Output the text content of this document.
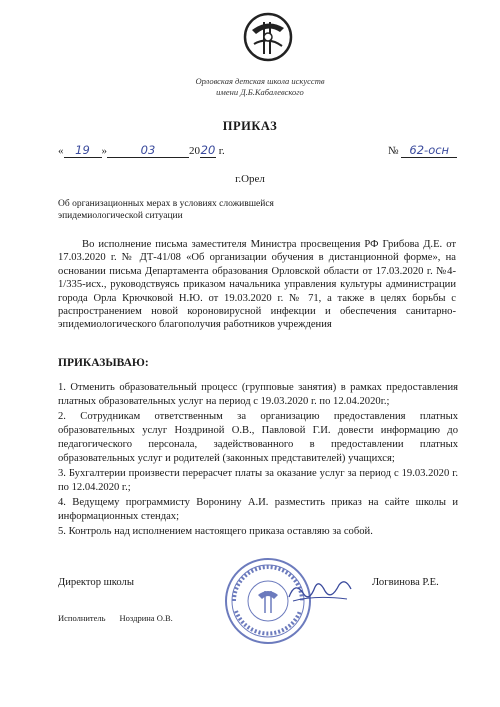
Орловская детская школа искусств
имени Д.Б.Кабалевского
ПРИКАЗ
« 19 »	03	2020 г.	№ 62-осн
г.Орел
Об организационных мерах в условиях сложившейся
эпидемиологической ситуации

Во исполнение письма заместителя Министра просвещения РФ Грибова Д.Е. от 17.03.2020 г. № ДТ-41/08 «Об организации обучения в дистанционной форме», на основании письма Департамента образования Орловской области от 17.03.2020 г. №4-1/335-исх., руководствуясь приказом начальника управления культуры администрации города Орла Крючковой Н.Ю. от 19.03.2020 г. № 71, а также в целях борьбы с распространением новой короновирусной инфекции и обеспечения санитарно-эпидемиологического благополучия работников учреждения

ПРИКАЗЫВАЮ:
1. Отменить образовательный процесс (групповые занятия) в рамках предоставления платных образовательных услуг на период с 19.03.2020 г. по 12.04.2020г.;
2. Сотрудникам ответственным за организацию предоставления платных образовательных услуг Ноздриной О.В., Павловой Г.И. довести информацию до педагогического персонала, задействованного в предоставлении платных образовательных услуг и родителей (законных представителей) учащихся;
3. Бухгалтерии произвести перерасчет платы за оказание услуг за период с 19.03.2020 г. по 12.04.2020 г.;
4. Ведущему программисту Воронину А.И. разместить приказ на сайте школы и информационных стендах;
5. Контроль над исполнением настоящего приказа оставляю за собой.
Директор школы	Логвинова Р.Е.
Исполнитель Ноздрина О.В.
